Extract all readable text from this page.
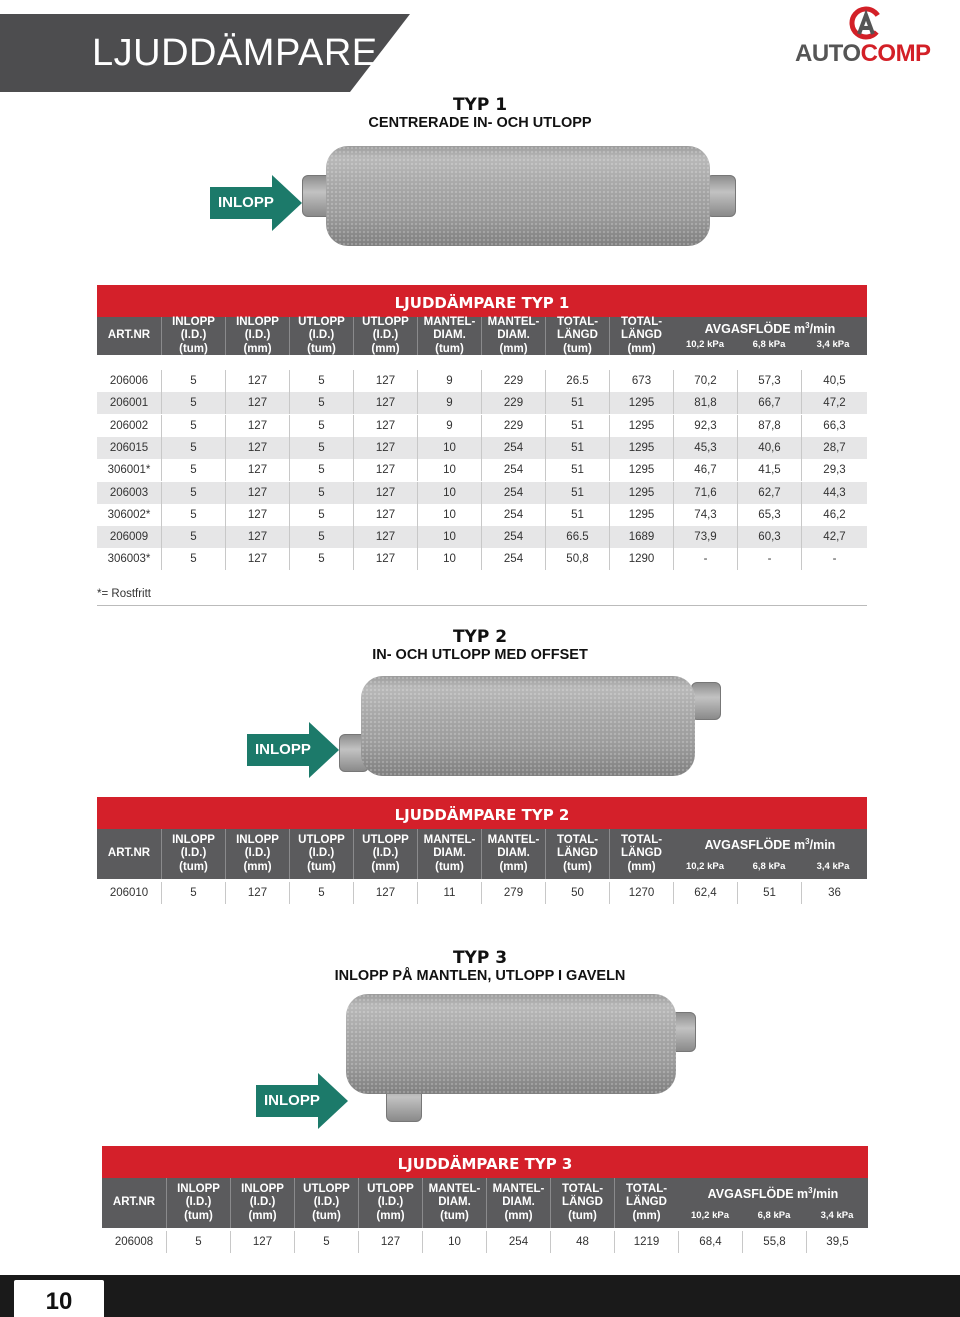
LJUDDÄMPARE	AUTOCOMP
TYP 1
CENTRERADE IN- OCH UTLOPP
INLOPP
LJUDDÄMPARE TYP 1
ART.NR
INLOPP
(I.D.)
(tum)
INLOPP
(I.D.)
(mm)
UTLOPP
(I.D.)
(tum)
UTLOPP
(I.D.)
(mm)
MANTEL-
DIAM.
(tum)
MANTEL-
DIAM.
(mm)
TOTAL-
LÄNGD
(tum)
TOTAL-
LÄNGD
(mm)
AVGASFLÖDE $m^3/\min$
10,2 kPa	6,8 kPa	3,4 kPa
206006	5	127	5	127	9	229	26.5	673	70,2	57,3	40,5
206001	5	127	5	127	9	229	51	1295	81,8	66,7	47,2
206002	5	127	5	127	9	229	51	1295	92,3	87,8	66,3
206015	5	127	5	127	10	254	51	1295	45,3	40,6	28,7
306001*	5	127	5	127	10	254	51	1295	46,7	41,5	29,3
206003	5	127	5	127	10	254	51	1295	71,6	62,7	44,3
306002*	5	127	5	127	10	254	51	1295	74,3	65,3	46,2
206009	5	127	5	127	10	254	66.5	1689	73,9	60,3	42,7
306003*	5	127	5	127	10	254	50,8	1290	-	-	-
*= Rostfritt
TYP 2
IN- OCH UTLOPP MED OFFSET
INLOPP
LJUDDÄMPARE TYP 2
ART.NR
INLOPP
(I.D.)
(tum)
INLOPP
(I.D.)
(mm)
UTLOPP
(I.D.)
(tum)
UTLOPP
(I.D.)
(mm)
MANTEL-
DIAM.
(tum)
MANTEL-
DIAM.
(mm)
TOTAL-
LÄNGD
(tum)
TOTAL-
LÄNGD
(mm)
AVGASFLÖDE $m^3/\min$
10,2 kPa	6,8 kPa	3,4 kPa
206010	5	127	5	127	11	279	50	1270	62,4	51	36
TYP 3
INLOPP PÅ MANTLEN, UTLOPP I GAVELN
INLOPP
LJUDDÄMPARE TYP 3
ART.NR
INLOPP
(I.D.)
(tum)
INLOPP
(I.D.)
(mm)
UTLOPP
(I.D.)
(tum)
UTLOPP
(I.D.)
(mm)
MANTEL-
DIAM.
(tum)
MANTEL-
DIAM.
(mm)
TOTAL-
LÄNGD
(tum)
TOTAL-
LÄNGD
(mm)
AVGASFLÖDE $m^3/\min$
10,2 kPa	6,8 kPa	3,4 kPa
206008	5	127	5	127	10	254	48	1219	68,4	55,8	39,5
10
